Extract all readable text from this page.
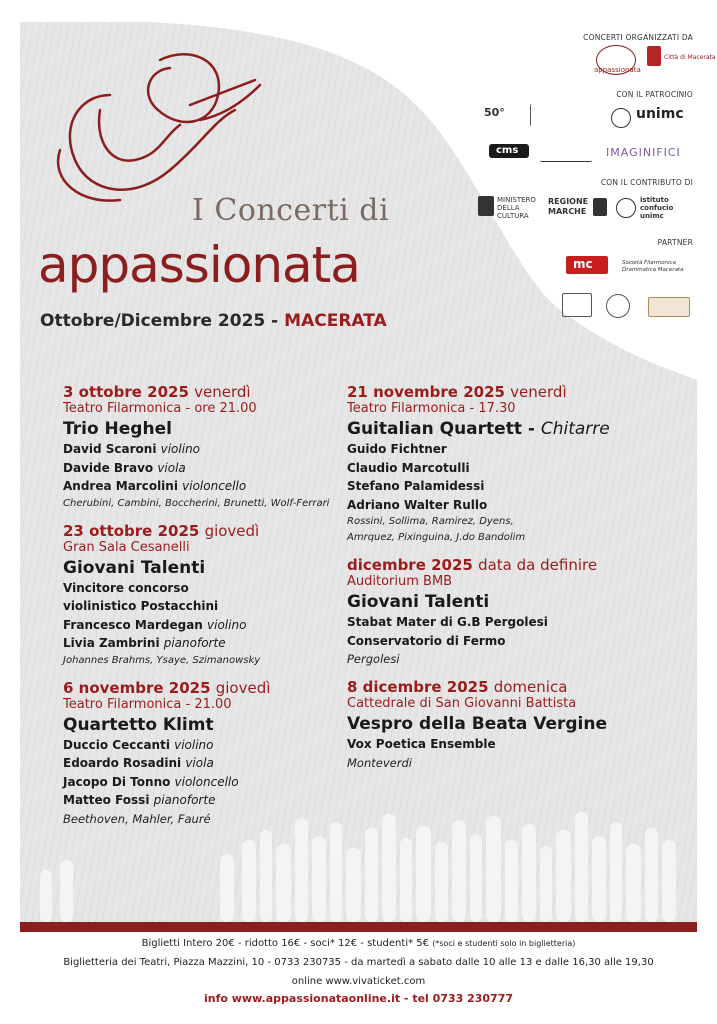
I Concerti di
appassionata
Ottobre/Dicembre 2025 - MACERATA
CONCERTI ORGANIZZATI DA
appassionata
Città di Macerata
CON IL PATROCINIO
50°	unimc
cms	IMAGINIFICI
CON IL CONTRIBUTO DI
MINISTERO DELLA CULTURA
REGIONE MARCHE
istituto confucio unimc
PARTNER
mc	Società Filarmonica Drammatica Macerata
3 ottobre 2025 venerdì
Teatro Filarmonica - ore 21.00
Trio Heghel
David Scaroni violino
Davide Bravo viola
Andrea Marcolini violoncello
Cherubini, Cambini, Boccherini, Brunetti, Wolf-Ferrari
23 ottobre 2025 giovedì
Gran Sala Cesanelli
Giovani Talenti
Vincitore concorso
violinistico Postacchini
Francesco Mardegan violino
Livia Zambrini pianoforte
Johannes Brahms, Ysaye, Szimanowsky
6 novembre 2025 giovedì
Teatro Filarmonica - 21.00
Quartetto Klimt
Duccio Ceccanti violino
Edoardo Rosadini viola
Jacopo Di Tonno violoncello
Matteo Fossi pianoforte
Beethoven, Mahler, Fauré
21 novembre 2025 venerdì
Teatro Filarmonica - 17.30
Guitalian Quartett - Chitarre
Guido Fichtner
Claudio Marcotulli
Stefano Palamidessi
Adriano Walter Rullo
Rossini, Sollima, Ramirez, Dyens,
Amrquez, Pixinguina, J.do Bandolim
dicembre 2025 data da definire
Auditorium BMB
Giovani Talenti
Stabat Mater di G.B Pergolesi
Conservatorio di Fermo
Pergolesi
8 dicembre 2025 domenica
Cattedrale di San Giovanni Battista
Vespro della Beata Vergine
Vox Poetica Ensemble
Monteverdi
Biglietti Intero 20€ - ridotto 16€ - soci* 12€ - studenti* 5€ (*soci e studenti solo in biglietteria)
Biglietteria dei Teatri, Piazza Mazzini, 10 - 0733 230735 - da martedì a sabato dalle 10 alle 13 e dalle 16,30 alle 19,30
online www.vivaticket.com
info www.appassionataonline.it - tel 0733 230777
